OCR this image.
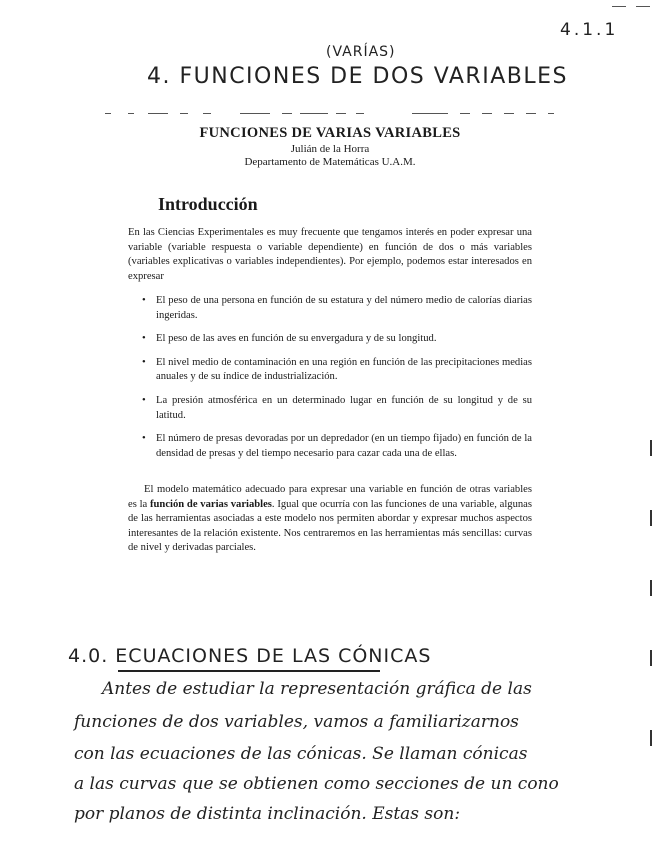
4.1.1
(VARÍAS)
4. FUNCIONES DE DOS VARIABLES
FUNCIONES DE VARIAS VARIABLES
Julián de la Horra
Departamento de Matemáticas U.A.M.
Introducción

En las Ciencias Experimentales es muy frecuente que tengamos interés en poder expresar una variable (variable respuesta o variable dependiente) en función de dos o más variables (variables explicativas o variables independientes). Por ejemplo, podemos estar interesados en expresar

• El peso de una persona en función de su estatura y del número medio de calorías diarias ingeridas.
• El peso de las aves en función de su envergadura y de su longitud.
• El nivel medio de contaminación en una región en función de las precipitaciones medias anuales y de su índice de industrialización.
• La presión atmosférica en un determinado lugar en función de su longitud y de su latitud.
• El número de presas devoradas por un depredador (en un tiempo fijado) en función de la densidad de presas y del tiempo necesario para cazar cada una de ellas.

El modelo matemático adecuado para expresar una variable en función de otras variables es la función de varias variables. Igual que ocurría con las funciones de una variable, algunas de las herramientas asociadas a este modelo nos permiten abordar y expresar muchos aspectos interesantes de la relación existente. Nos centraremos en las herramientas más sencillas: curvas de nivel y derivadas parciales.

4.0. ECUACIONES DE LAS CÓNICAS
Antes de estudiar la representación gráfica de las
funciones de dos variables, vamos a familiarizarnos
con las ecuaciones de las cónicas. Se llaman cónicas
a las curvas que se obtienen como secciones de un cono
por planos de distinta inclinación. Estas son:
